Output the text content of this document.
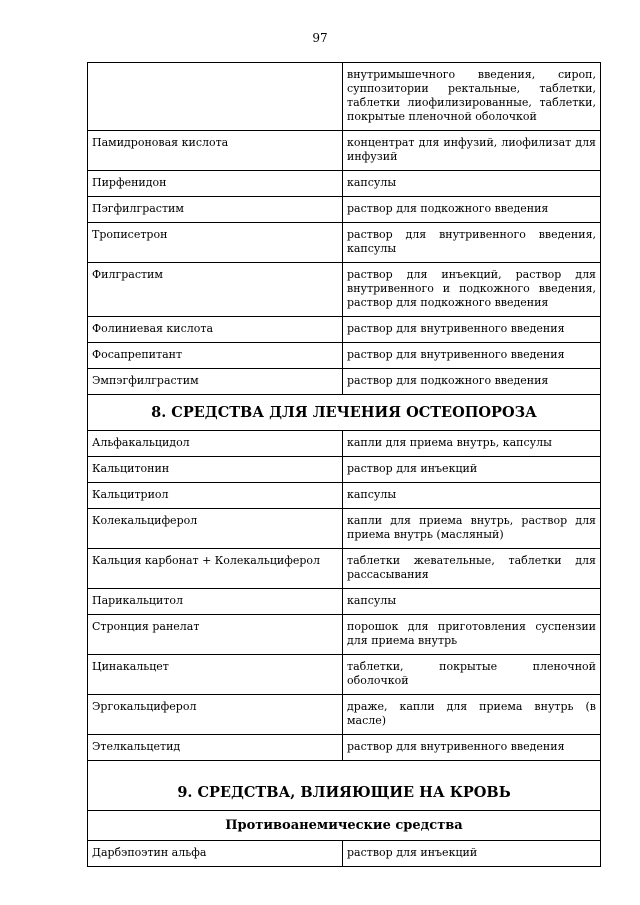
97
	внутримышечного введения, сироп, суппозитории ректальные, таблетки, таблетки лиофилизированные, таблетки, покрытые пленочной оболочкой
Памидроновая кислота	концентрат для инфузий, лиофилизат для инфузий
Пирфенидон	капсулы
Пэгфилграстим	раствор для подкожного введения
Трописетрон	раствор для внутривенного введения, капсулы
Филграстим	раствор для инъекций, раствор для внутривенного и подкожного введения, раствор для подкожного введения
Фолиниевая кислота	раствор для внутривенного введения
Фосапрепитант	раствор для внутривенного введения
Эмпэгфилграстим	раствор для подкожного введения
8. СРЕДСТВА ДЛЯ ЛЕЧЕНИЯ ОСТЕОПОРОЗА	
Альфакальцидол	капли для приема внутрь, капсулы
Кальцитонин	раствор для инъекций
Кальцитриол	капсулы
Колекальциферол	капли для приема внутрь, раствор для приема внутрь (масляный)
Кальция карбонат + Колекальциферол	таблетки жевательные, таблетки для рассасывания
Парикальцитол	капсулы
Стронция ранелат	порошок для приготовления суспензии для приема внутрь
Цинакальцет	таблетки, покрытые пленочной оболочкой
Эргокальциферол	драже, капли для приема внутрь (в масле)
Этелкальцетид	раствор для внутривенного введения
9. СРЕДСТВА, ВЛИЯЮЩИЕ НА КРОВЬ	
Противоанемические средства	
Дарбэпоэтин альфа	раствор для инъекций
